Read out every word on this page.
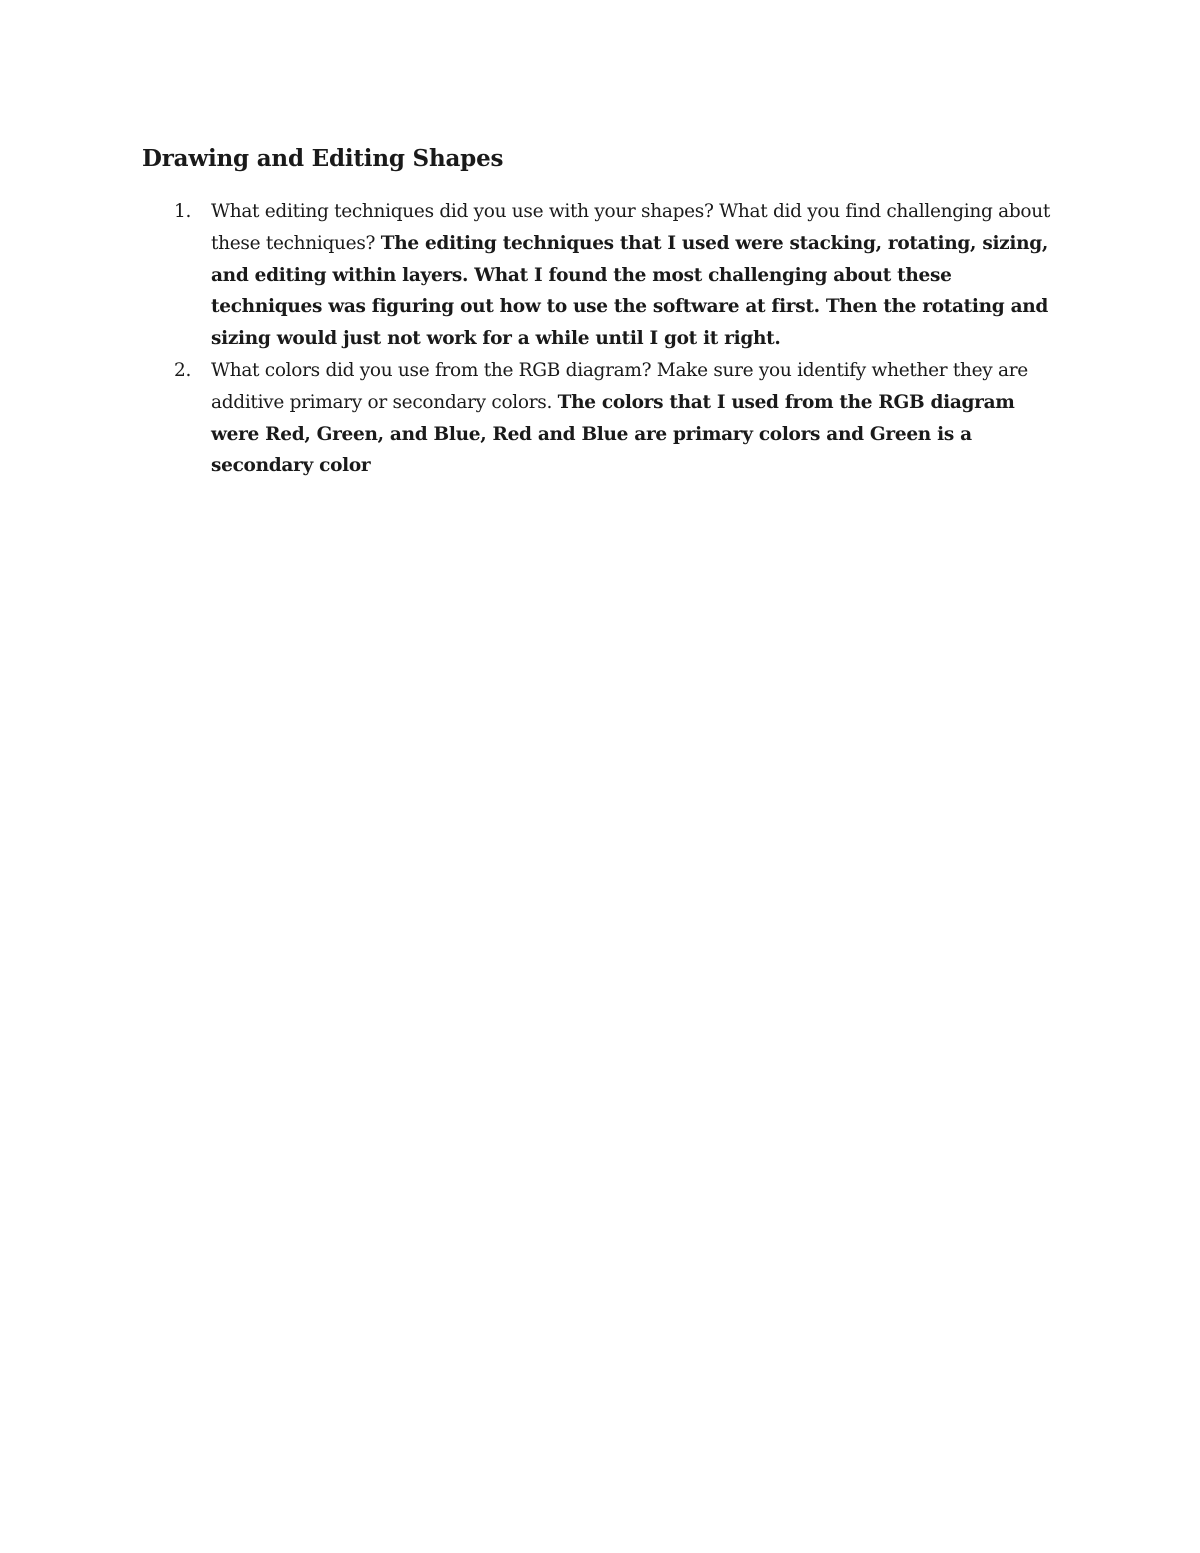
Drawing and Editing Shapes
1. What editing techniques did you use with your shapes? What did you find challenging about these techniques? The editing techniques that I used were stacking, rotating, sizing, and editing within layers. What I found the most challenging about these techniques was figuring out how to use the software at first. Then the rotating and sizing would just not work for a while until I got it right.
2. What colors did you use from the RGB diagram? Make sure you identify whether they are additive primary or secondary colors. The colors that I used from the RGB diagram were Red, Green, and Blue, Red and Blue are primary colors and Green is a secondary color
